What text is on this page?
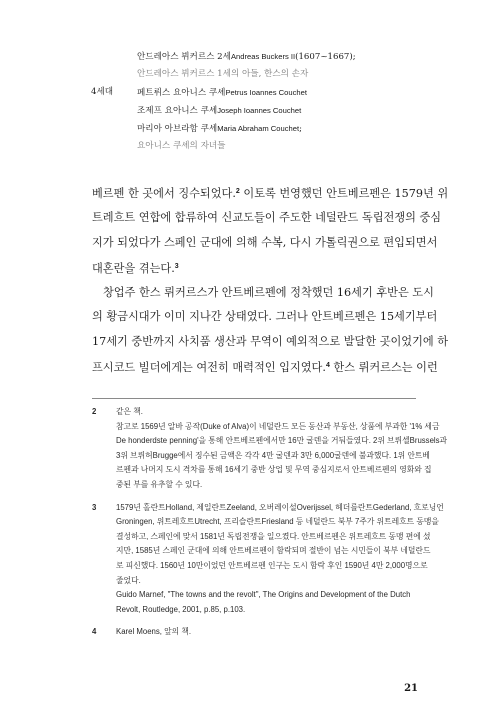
안드레아스 뷔커르스 2세Andreas Buckers II(1607~1667);
안드레아스 뷔커르스 1세의 아들, 한스의 손자
4세대	페트뤼스 요아니스 쿠셰Petrus Ioannes Couchet
조제프 요아니스 쿠셰Joseph Ioannes Couchet
마리아 아브라함 쿠셰Maria Abraham Couchet;
요아니스 쿠셰의 자녀들
베르펜 한 곳에서 징수되었다.$^2$ 이토록 번영했던 안트베르펜은 1579년 위
트레흐트 연합에 합류하여 신교도들이 주도한 네덜란드 독립전쟁의 중심
지가 되었다가 스페인 군대에 의해 수복, 다시 가톨릭권으로 편입되면서
대혼란을 겪는다.$^3$
창업주 한스 뤼커르스가 안트베르펜에 정착했던 16세기 후반은 도시
의 황금시대가 이미 지나간 상태였다. 그러나 안트베르펜은 15세기부터
17세기 중반까지 사치품 생산과 무역이 예외적으로 발달한 곳이었기에 하
프시코드 빌더에게는 여전히 매력적인 입지였다.$^4$ 한스 뤼커르스는 이런
2	같은 책.
참고로 1569년 알바 공작(Duke of Alva)이 네덜란드 모든 동산과 부동산, 상품에 부과한 '1% 세금
De honderdste penning'을 통해 안트베르펜에서만 16만 굴덴을 거둬들였다. 2위 브뤼셀Brussels과
3위 브뤼허Brugge에서 징수된 금액은 각각 4만 굴덴과 3만 6,000굴덴에 불과했다. 1위 안트베
르펜과 나머지 도시 격차를 통해 16세기 중반 상업 및 무역 중심지로서 안트베르펜의 영화와 집
중된 부를 유추할 수 있다.
3	1579년 홀란트Holland, 제일란트Zeeland, 오버레이설Overijssel, 헤더를란트Gederland, 흐로닝언
Groningen, 위트레흐트Utrecht, 프리슬란트Friesland 등 네덜란드 북부 7주가 위트레흐트 동맹을
결성하고, 스페인에 맞서 1581년 독립전쟁을 일으켰다. 안트베르펜은 위트레흐트 동맹 편에 섰
지만, 1585년 스페인 군대에 의해 안트베르펜이 함락되며 절반이 넘는 시민들이 북부 네덜란드
로 피신했다. 1560년 10만이었던 안트베르펜 인구는 도시 함락 후인 1590년 4만 2,000명으로
줄었다.
Guido Marnef, "The towns and the revolt", The Origins and Development of the Dutch
Revolt, Routledge, 2001, p.85, p.103.
4	Karel Moens, 앞의 책.
21
